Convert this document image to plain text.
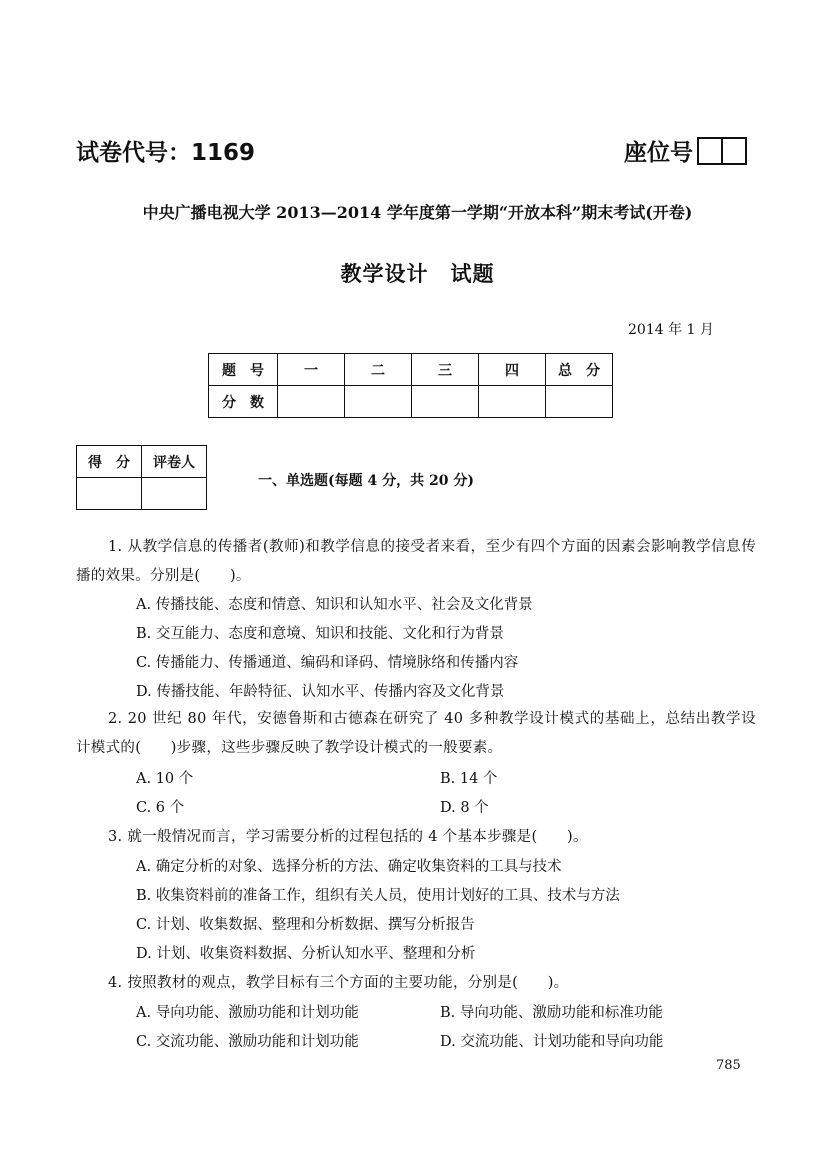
试卷代号：1169	座位号
中央广播电视大学 2013—2014 学年度第一学期“开放本科”期末考试(开卷)
教学设计　试题
2014 年 1 月
题　号	一	二	三	四	总　分
分　数					
得　分	评卷人

一、单选题(每题 4 分，共 20 分)
1. 从教学信息的传播者(教师)和教学信息的接受者来看，至少有四个方面的因素会影响教学信息传播的效果。分别是(　　)。
A. 传播技能、态度和情意、知识和认知水平、社会及文化背景
B. 交互能力、态度和意境、知识和技能、文化和行为背景
C. 传播能力、传播通道、编码和译码、情境脉络和传播内容
D. 传播技能、年龄特征、认知水平、传播内容及文化背景
2. 20 世纪 80 年代，安德鲁斯和古德森在研究了 40 多种教学设计模式的基础上，总结出教学设计模式的(　　)步骤，这些步骤反映了教学设计模式的一般要素。
A. 10 个	B. 14 个
C. 6 个	D. 8 个
3. 就一般情况而言，学习需要分析的过程包括的 4 个基本步骤是(　　)。
A. 确定分析的对象、选择分析的方法、确定收集资料的工具与技术
B. 收集资料前的准备工作，组织有关人员，使用计划好的工具、技术与方法
C. 计划、收集数据、整理和分析数据、撰写分析报告
D. 计划、收集资料数据、分析认知水平、整理和分析
4. 按照教材的观点，教学目标有三个方面的主要功能，分别是(　　)。
A. 导向功能、激励功能和计划功能	B. 导向功能、激励功能和标准功能
C. 交流功能、激励功能和计划功能	D. 交流功能、计划功能和导向功能
785
